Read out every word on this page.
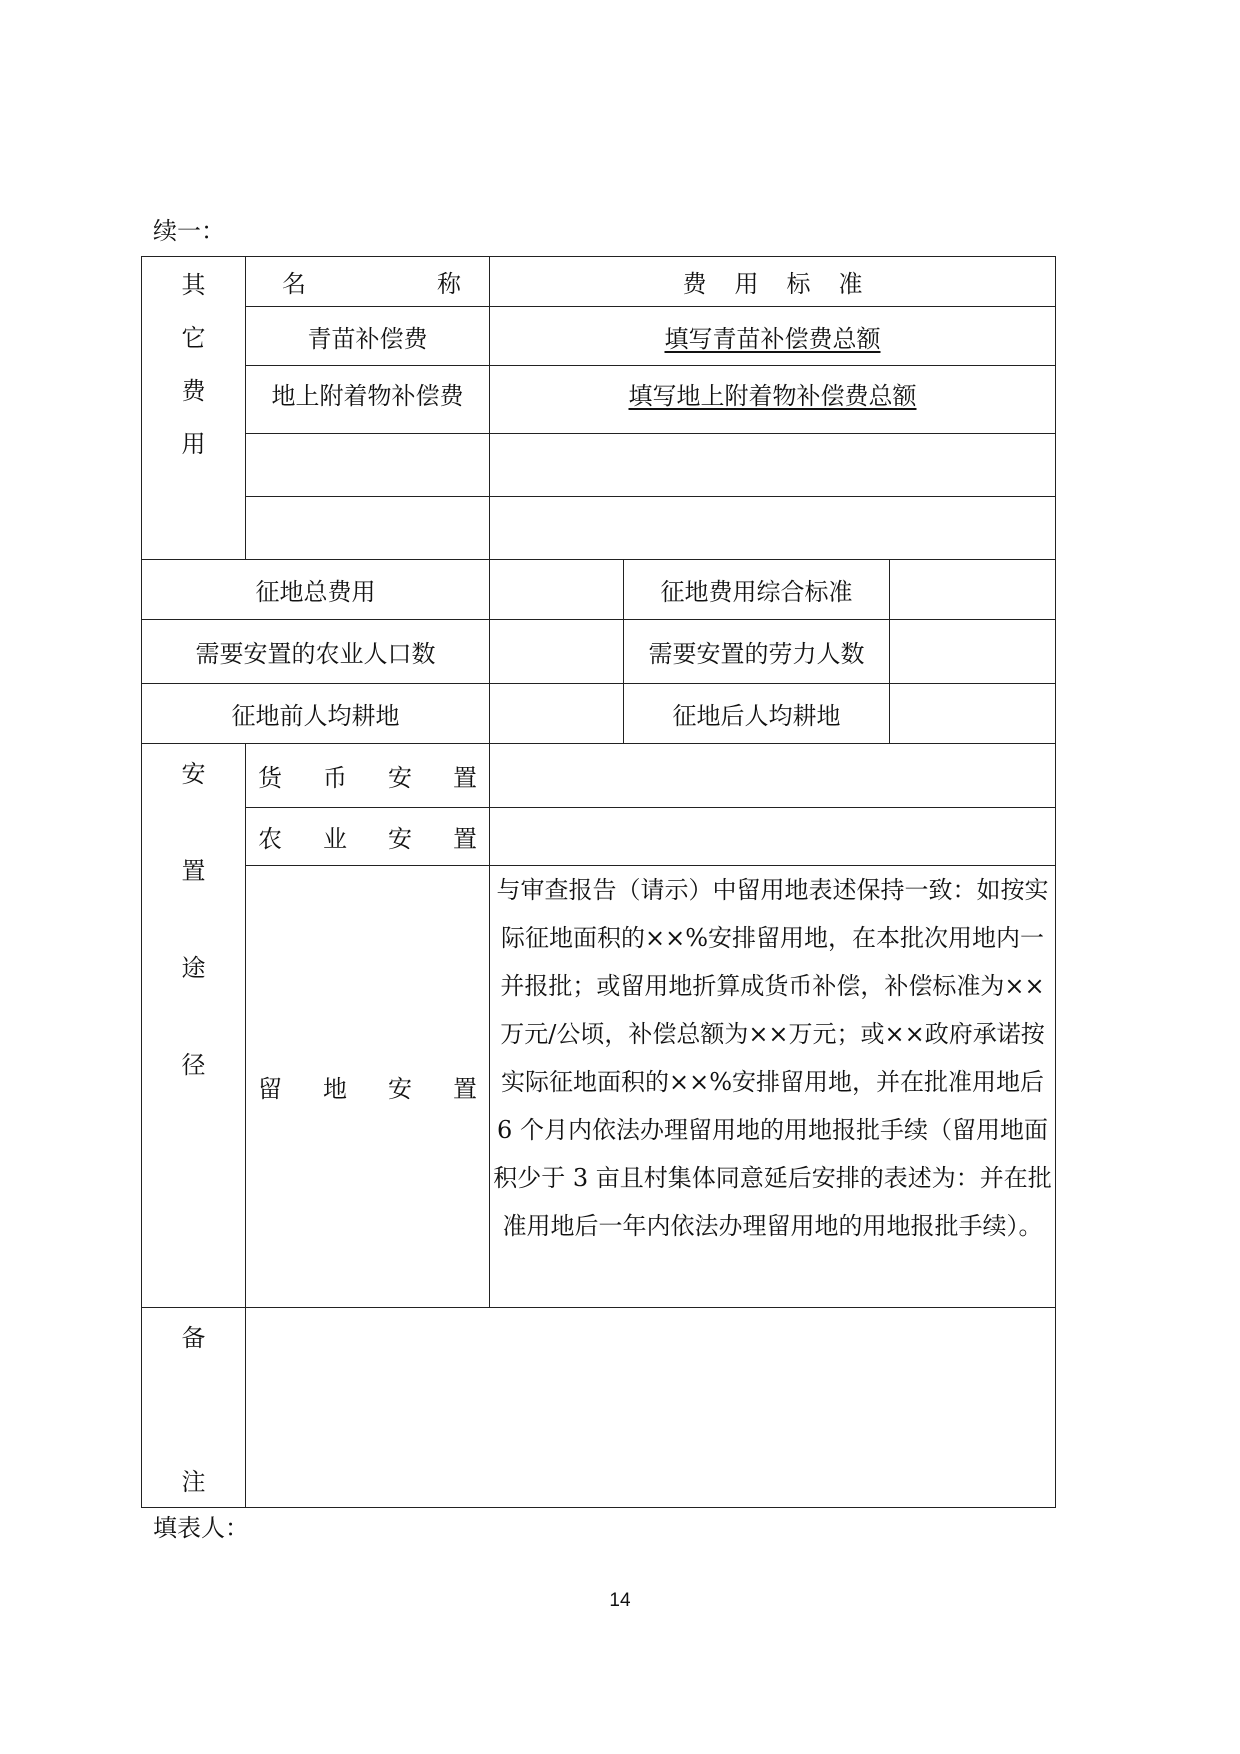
续一：
其
它
费
用	名 称	费 用 标 准		

	青苗补偿费	填写青苗补偿费总额		
	地上附着物补偿费	填写地上附着物补偿费总额		

征地总费用			征地费用综合标准	
需要安置的农业人口数			需要安置的劳力人数	
征地前人均耕地			征地后人均耕地	

安
置
途
径	货 币 安 置			

	农 业 安 置			

	留 地 安 置	与审查报告（请示）中留用地表述保持一致：如按实际征地面积的××%安排留用地，在本批次用地内一并报批；或留用地折算成货币补偿，补偿标准为××万元/公顷，补偿总额为××万元；或××政府承诺按实际征地面积的××%安排留用地，并在批准用地后 6 个月内依法办理留用地的用地报批手续（留用地面积少于 3 亩且村集体同意延后安排的表述为：并在批准用地后一年内依法办理留用地的用地报批手续）。		

备
注				

填表人：
14
